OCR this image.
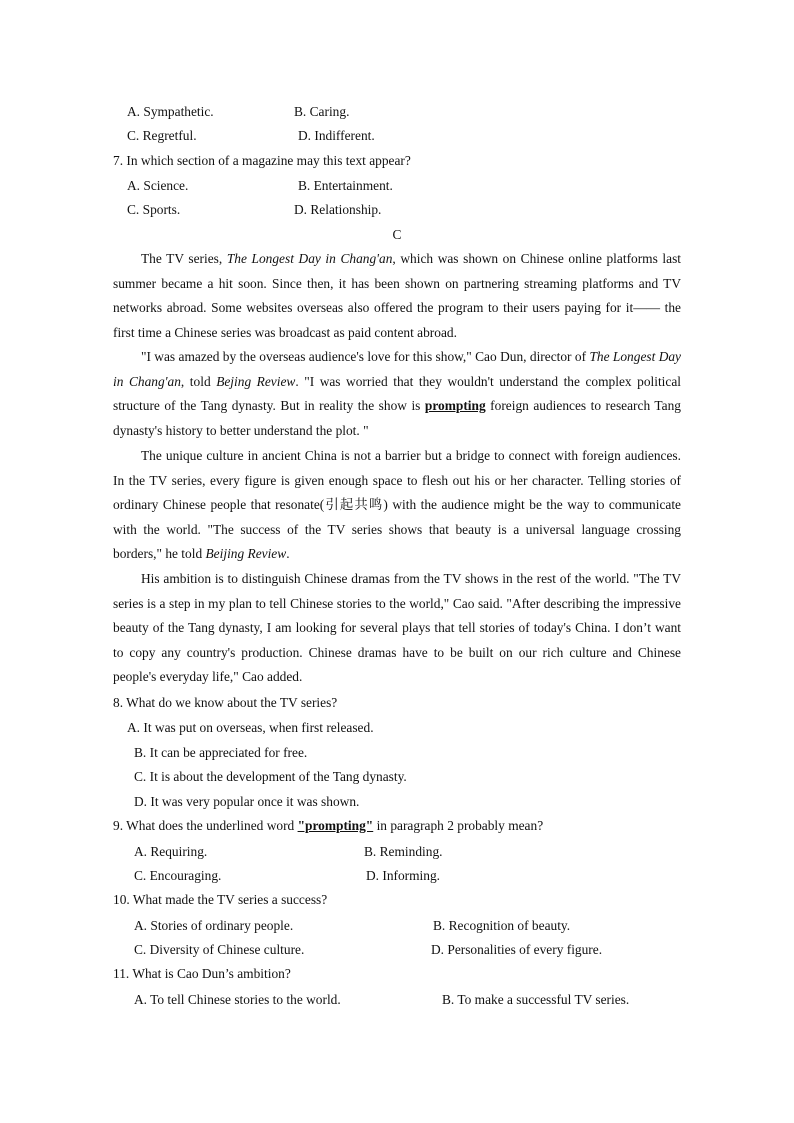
A. Sympathetic.	B. Caring.
C. Regretful.	D. Indifferent.
7. In which section of a magazine may this text appear?
A. Science.	B. Entertainment.
C. Sports.	D. Relationship.
C
The TV series, The Longest Day in Chang'an, which was shown on Chinese online platforms last summer became a hit soon. Since then, it has been shown on partnering streaming platforms and TV networks abroad. Some websites overseas also offered the program to their users paying for it—— the first time a Chinese series was broadcast as paid content abroad.
"I was amazed by the overseas audience's love for this show," Cao Dun, director of The Longest Day in Chang'an, told Bejing Review. "I was worried that they wouldn't understand the complex political structure of the Tang dynasty. But in reality the show is prompting foreign audiences to research Tang dynasty's history to better understand the plot. "
The unique culture in ancient China is not a barrier but a bridge to connect with foreign audiences. In the TV series, every figure is given enough space to flesh out his or her character. Telling stories of ordinary Chinese people that resonate(引起共鸣) with the audience might be the way to communicate with the world. "The success of the TV series shows that beauty is a universal language crossing borders," he told Beijing Review.
His ambition is to distinguish Chinese dramas from the TV shows in the rest of the world. "The TV series is a step in my plan to tell Chinese stories to the world," Cao said. "After describing the impressive beauty of the Tang dynasty, I am looking for several plays that tell stories of today's China. I don’t want to copy any country's production. Chinese dramas have to be built on our rich culture and Chinese people's everyday life," Cao added.
8. What do we know about the TV series?
A. It was put on overseas, when first released.
B. It can be appreciated for free.
C. It is about the development of the Tang dynasty.
D. It was very popular once it was shown.
9. What does the underlined word "prompting" in paragraph 2 probably mean?
A. Requiring.	B. Reminding.
C. Encouraging.	D. Informing.
10. What made the TV series a success?
A. Stories of ordinary people.	B. Recognition of beauty.
C. Diversity of Chinese culture.	D. Personalities of every figure.
11. What is Cao Dun’s ambition?
A. To tell Chinese stories to the world.	B. To make a successful TV series.
